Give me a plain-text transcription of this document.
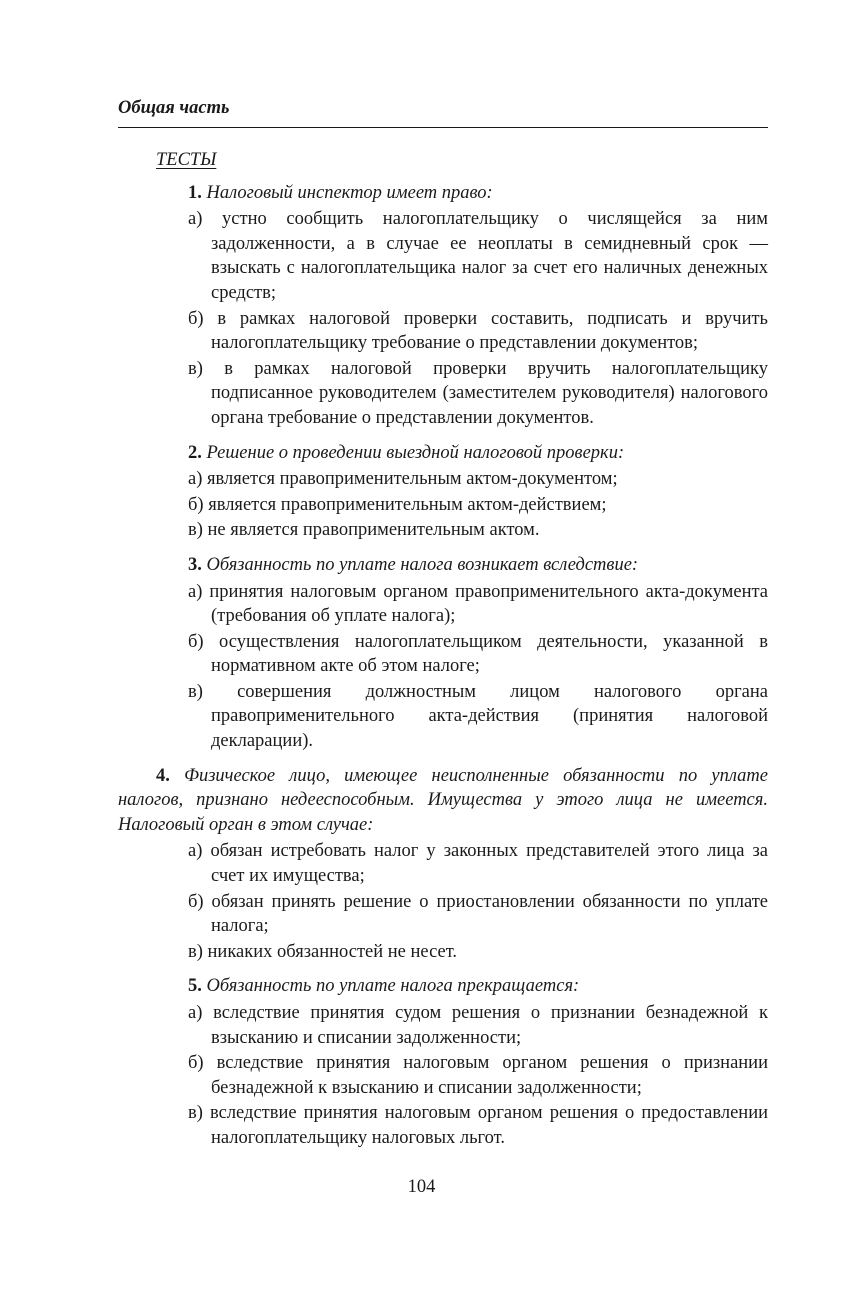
Общая часть
ТЕСТЫ
1. Налоговый инспектор имеет право:
а) устно сообщить налогоплательщику о числящейся за ним задолженности, а в случае ее неоплаты в семидневный срок — взыскать с налогоплательщика налог за счет его наличных денежных средств;
б) в рамках налоговой проверки составить, подписать и вручить налогоплательщику требование о представлении документов;
в) в рамках налоговой проверки вручить налогоплательщику подписанное руководителем (заместителем руководителя) налогового органа требование о представлении документов.
2. Решение о проведении выездной налоговой проверки:
а) является правоприменительным актом-документом;
б) является правоприменительным актом-действием;
в) не является правоприменительным актом.
3. Обязанность по уплате налога возникает вследствие:
а) принятия налоговым органом правоприменительного акта-документа (требования об уплате налога);
б) осуществления налогоплательщиком деятельности, указанной в нормативном акте об этом налоге;
в) совершения должностным лицом налогового органа правоприменительного акта-действия (принятия налоговой декларации).
4. Физическое лицо, имеющее неисполненные обязанности по уплате налогов, признано недееспособным. Имущества у этого лица не имеется. Налоговый орган в этом случае:
а) обязан истребовать налог у законных представителей этого лица за счет их имущества;
б) обязан принять решение о приостановлении обязанности по уплате налога;
в) никаких обязанностей не несет.
5. Обязанность по уплате налога прекращается:
а) вследствие принятия судом решения о признании безнадежной к взысканию и списании задолженности;
б) вследствие принятия налоговым органом решения о признании безнадежной к взысканию и списании задолженности;
в) вследствие принятия налоговым органом решения о предоставлении налогоплательщику налоговых льгот.
104
